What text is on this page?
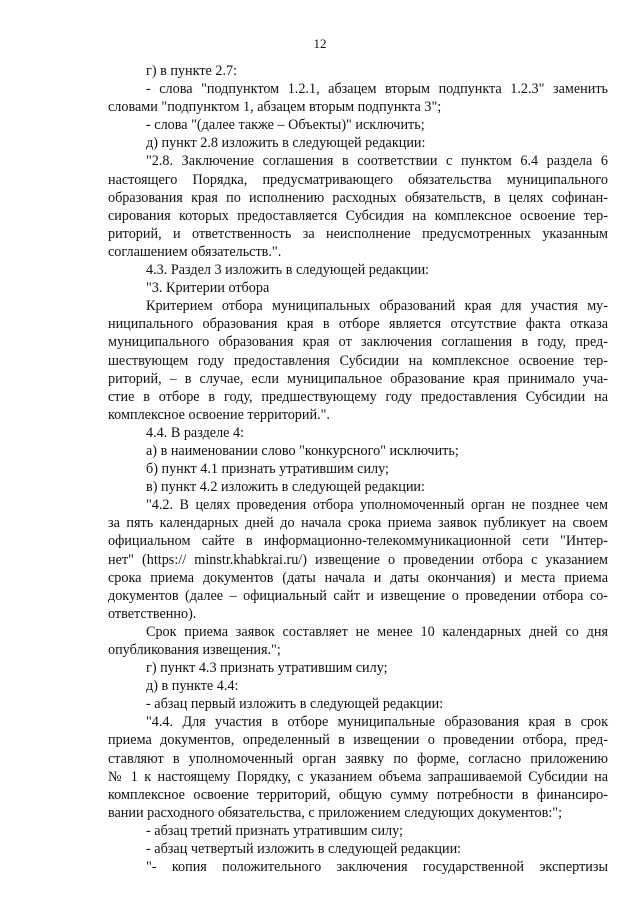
12

г) в пункте 2.7:

- слова "подпунктом 1.2.1, абзацем вторым подпункта 1.2.3" заменить

словами "подпунктом 1, абзацем вторым подпункта 3";

- слова "(далее также – Объекты)" исключить;

д) пункт 2.8 изложить в следующей редакции:

"2.8. Заключение соглашения в соответствии с пунктом 6.4 раздела 6

настоящего Порядка, предусматривающего обязательства муниципального

образования края по исполнению расходных обязательств, в целях софинан-

сирования которых предоставляется Субсидия на комплексное освоение тер-

риторий, и ответственность за неисполнение предусмотренных указанным

соглашением обязательств.".

4.3. Раздел 3 изложить в следующей редакции:

"3. Критерии отбора

Критерием отбора муниципальных образований края для участия му-

ниципального образования края в отборе является отсутствие факта отказа

муниципального образования края от заключения соглашения в году, пред-

шествующем году предоставления Субсидии на комплексное освоение тер-

риторий, – в случае, если муниципальное образование края принимало уча-

стие в отборе в году, предшествующему году предоставления Субсидии на

комплексное освоение территорий.".

4.4. В разделе 4:

а) в наименовании слово "конкурсного" исключить;

б) пункт 4.1 признать утратившим силу;

в) пункт 4.2 изложить в следующей редакции:

"4.2. В целях проведения отбора уполномоченный орган не позднее чем

за пять календарных дней до начала срока приема заявок публикует на своем

официальном сайте в информационно-телекоммуникационной сети "Интер-

нет" (https:// minstr.khabkrai.ru/) извещение о проведении отбора с указанием

срока приема документов (даты начала и даты окончания) и места приема

документов (далее – официальный сайт и извещение о проведении отбора со-

ответственно).

Срок приема заявок составляет не менее 10 календарных дней со дня

опубликования извещения.";

г) пункт 4.3 признать утратившим силу;

д) в пункте 4.4:

- абзац первый изложить в следующей редакции:

"4.4. Для участия в отборе муниципальные образования края в срок

приема документов, определенный в извещении о проведении отбора, пред-

ставляют в уполномоченный орган заявку по форме, согласно приложению

№ 1 к настоящему Порядку, с указанием объема запрашиваемой Субсидии на

комплексное освоение территорий, общую сумму потребности в финансиро-

вании расходного обязательства, с приложением следующих документов:";

- абзац третий признать утратившим силу;

- абзац четвертый изложить в следующей редакции:

"- копия положительного заключения государственной экспертизы
